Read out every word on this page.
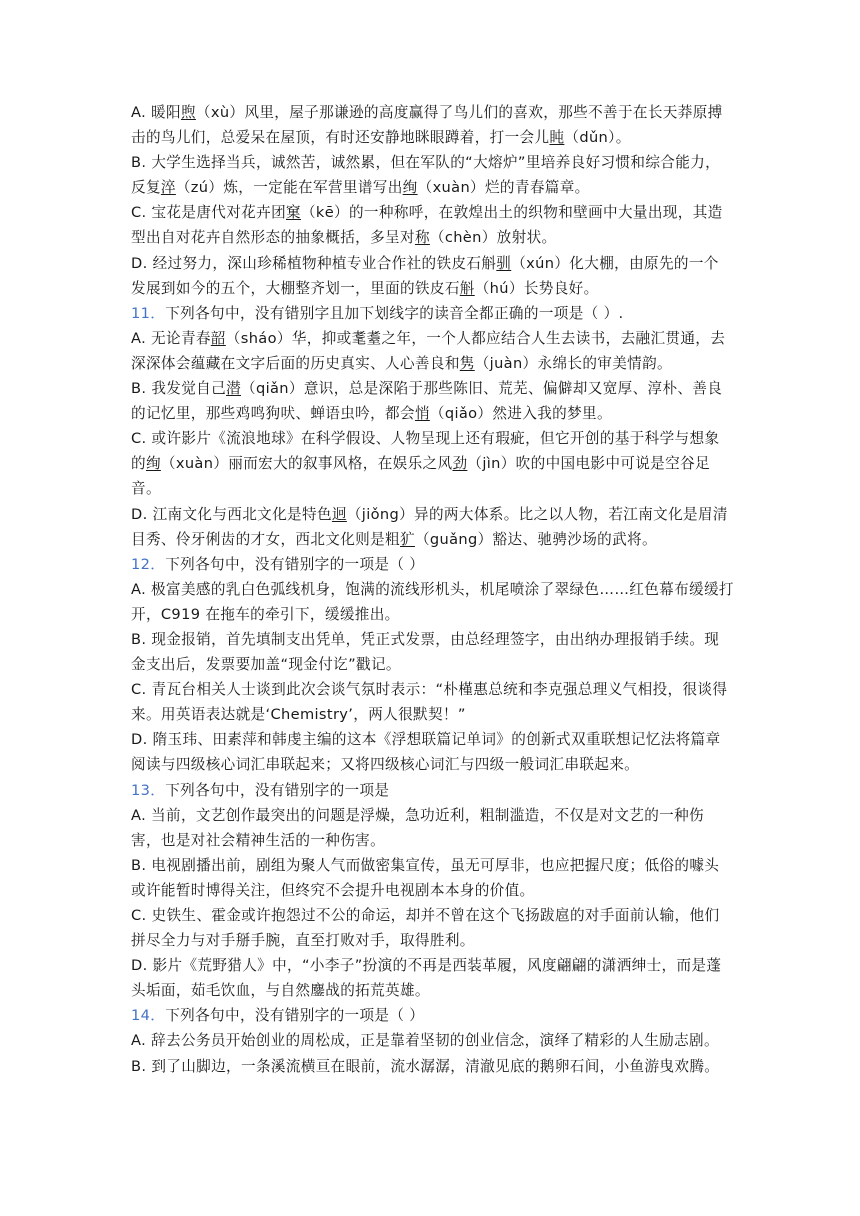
A. 暖阳煦（xù）风里，屋子那谦逊的高度赢得了鸟儿们的喜欢，那些不善于在长天莽原搏
击的鸟儿们，总爱呆在屋顶，有时还安静地眯眼蹲着，打一会儿盹（dǔn）。
B. 大学生选择当兵，诚然苦，诚然累，但在军队的“大熔炉”里培养良好习惯和综合能力，
反复淬（zú）炼，一定能在军营里谱写出绚（xuàn）烂的青春篇章。
C. 宝花是唐代对花卉团窠（kē）的一种称呼，在敦煌出土的织物和壁画中大量出现，其造
型出自对花卉自然形态的抽象概括，多呈对称（chèn）放射状。
D. 经过努力，深山珍稀植物种植专业合作社的铁皮石斛驯（xún）化大棚，由原先的一个
发展到如今的五个，大棚整齐划一，里面的铁皮石斛（hú）长势良好。
11．下列各句中，没有错别字且加下划线字的读音全都正确的一项是（ ）.
A. 无论青春韶（sháo）华，抑或耄耋之年，一个人都应结合人生去读书，去融汇贯通，去
深深体会蕴藏在文字后面的历史真实、人心善良和隽（juàn）永绵长的审美情韵。
B. 我发觉自己潜（qiǎn）意识，总是深陷于那些陈旧、荒芜、偏僻却又宽厚、淳朴、善良
的记忆里，那些鸡鸣狗吠、蝉语虫吟，都会悄（qiǎo）然进入我的梦里。
C. 或许影片《流浪地球》在科学假设、人物呈现上还有瑕疵，但它开创的基于科学与想象
的绚（xuàn）丽而宏大的叙事风格，在娱乐之风劲（jìn）吹的中国电影中可说是空谷足
音。
D. 江南文化与西北文化是特色迥（jiǒng）异的两大体系。比之以人物，若江南文化是眉清
目秀、伶牙俐齿的才女，西北文化则是粗犷（guǎng）豁达、驰骋沙场的武将。
12．下列各句中，没有错别字的一项是（ ）
A. 极富美感的乳白色弧线机身，饱满的流线形机头，机尾喷涂了翠绿色……红色幕布缓缓打
开，C919 在拖车的牵引下，缓缓推出。
B. 现金报销，首先填制支出凭单，凭正式发票，由总经理签字，由出纳办理报销手续。现
金支出后，发票要加盖“现金付讫”戳记。
C. 青瓦台相关人士谈到此次会谈气氛时表示：“朴槿惠总统和李克强总理义气相投，很谈得
来。用英语表达就是‘Chemistry’，两人很默契！”
D. 隋玉玮、田素萍和韩虔主编的这本《浮想联篇记单词》的创新式双重联想记忆法将篇章
阅读与四级核心词汇串联起来；又将四级核心词汇与四级一般词汇串联起来。
13．下列各句中，没有错别字的一项是
A. 当前，文艺创作最突出的问题是浮燥，急功近利，粗制滥造，不仅是对文艺的一种伤
害，也是对社会精神生活的一种伤害。
B. 电视剧播出前，剧组为聚人气而做密集宣传，虽无可厚非，也应把握尺度；低俗的噱头
或许能暂时博得关注，但终究不会提升电视剧本本身的价值。
C. 史铁生、霍金或许抱怨过不公的命运，却并不曾在这个飞扬跋扈的对手面前认输，他们
拼尽全力与对手掰手腕，直至打败对手，取得胜利。
D. 影片《荒野猎人》中，“小李子”扮演的不再是西装革履，风度翩翩的潇洒绅士，而是蓬
头垢面，茹毛饮血，与自然鏖战的拓荒英雄。
14．下列各句中，没有错别字的一项是（ ）
A. 辞去公务员开始创业的周松成，正是靠着坚韧的创业信念，演绎了精彩的人生励志剧。
B. 到了山脚边，一条溪流横亘在眼前，流水潺潺，清澈见底的鹅卵石间，小鱼游曳欢腾。
